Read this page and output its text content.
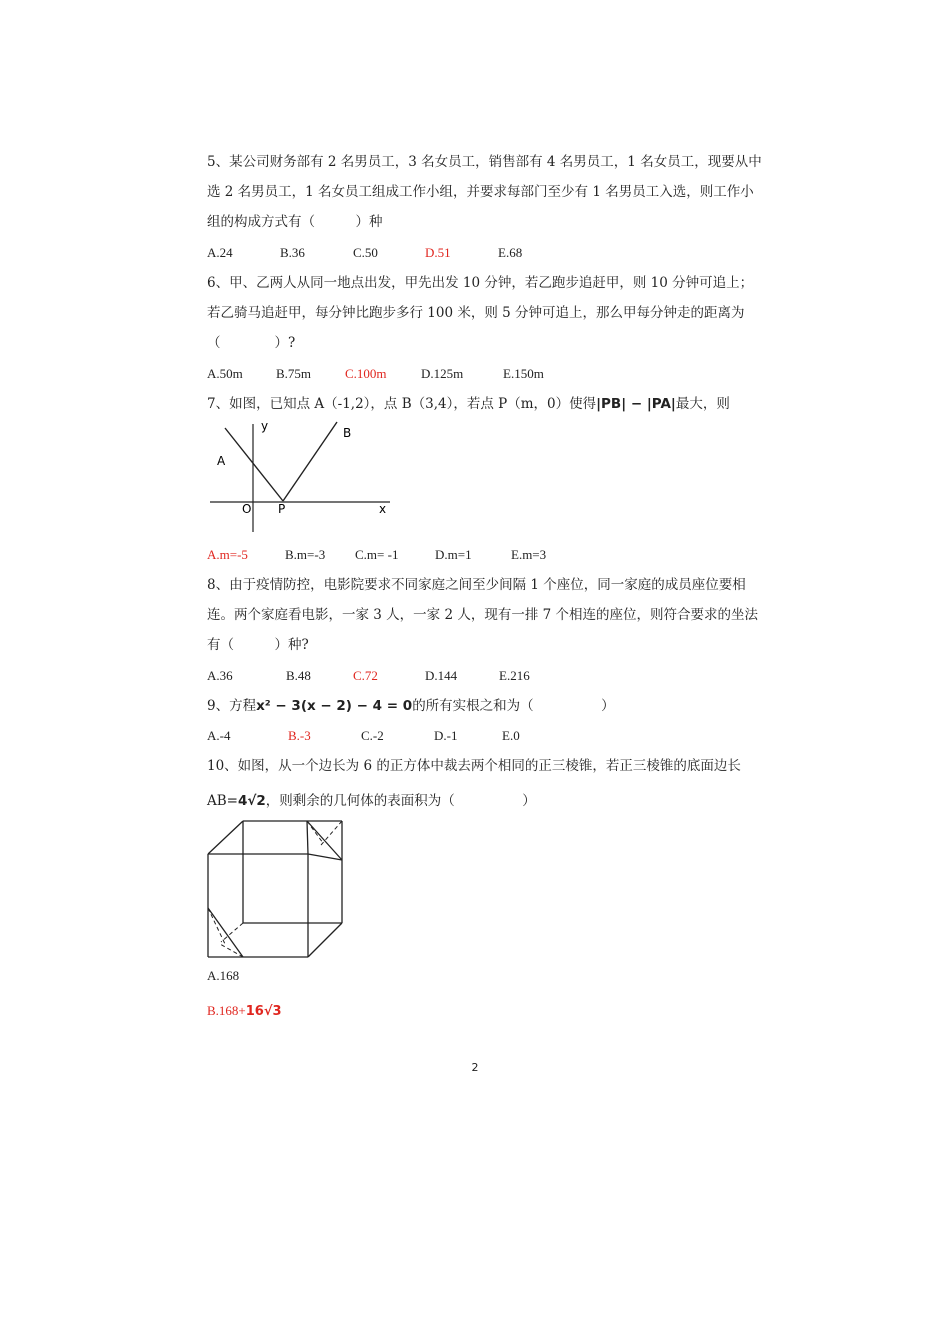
5、某公司财务部有 2 名男员工，3 名女员工，销售部有 4 名男员工，1 名女员工，现要从中
选 2 名男员工，1 名女员工组成工作小组，并要求每部门至少有 1 名男员工入选，则工作小
组的构成方式有（　　　）种
A.24	B.36	C.50	D.51	E.68
6、甲、乙两人从同一地点出发，甲先出发 10 分钟，若乙跑步追赶甲，则 10 分钟可追上；
若乙骑马追赶甲，每分钟比跑步多行 100 米，则 5 分钟可追上，那么甲每分钟走的距离为
（　　　　）?
A.50m	B.75m	C.100m	D.125m	E.150m
7、如图，已知点 A（-1,2），点 B（3,4），若点 P（m，0）使得|PB| − |PA|最大，则
y
x
A
B
O P
A.m=-5	B.m=-3 C.m= -1	D.m=1	E.m=3
8、由于疫情防控，电影院要求不同家庭之间至少间隔 1 个座位，同一家庭的成员座位要相
连。两个家庭看电影，一家 3 人，一家 2 人，现有一排 7 个相连的座位，则符合要求的坐法
有（　　　）种?
A.36	B.48	C.72	D.144	E.216
9、方程x² − 3(x − 2) − 4 = 0的所有实根之和为（　　　　　）
A.-4	B.-3	C.-2	D.-1	E.0
10、如图，从一个边长为 6 的正方体中裁去两个相同的正三棱锥，若正三棱锥的底面边长
AB=4√2，则剩余的几何体的表面积为（　　　　　）
A.168
B.168+16√3
2
